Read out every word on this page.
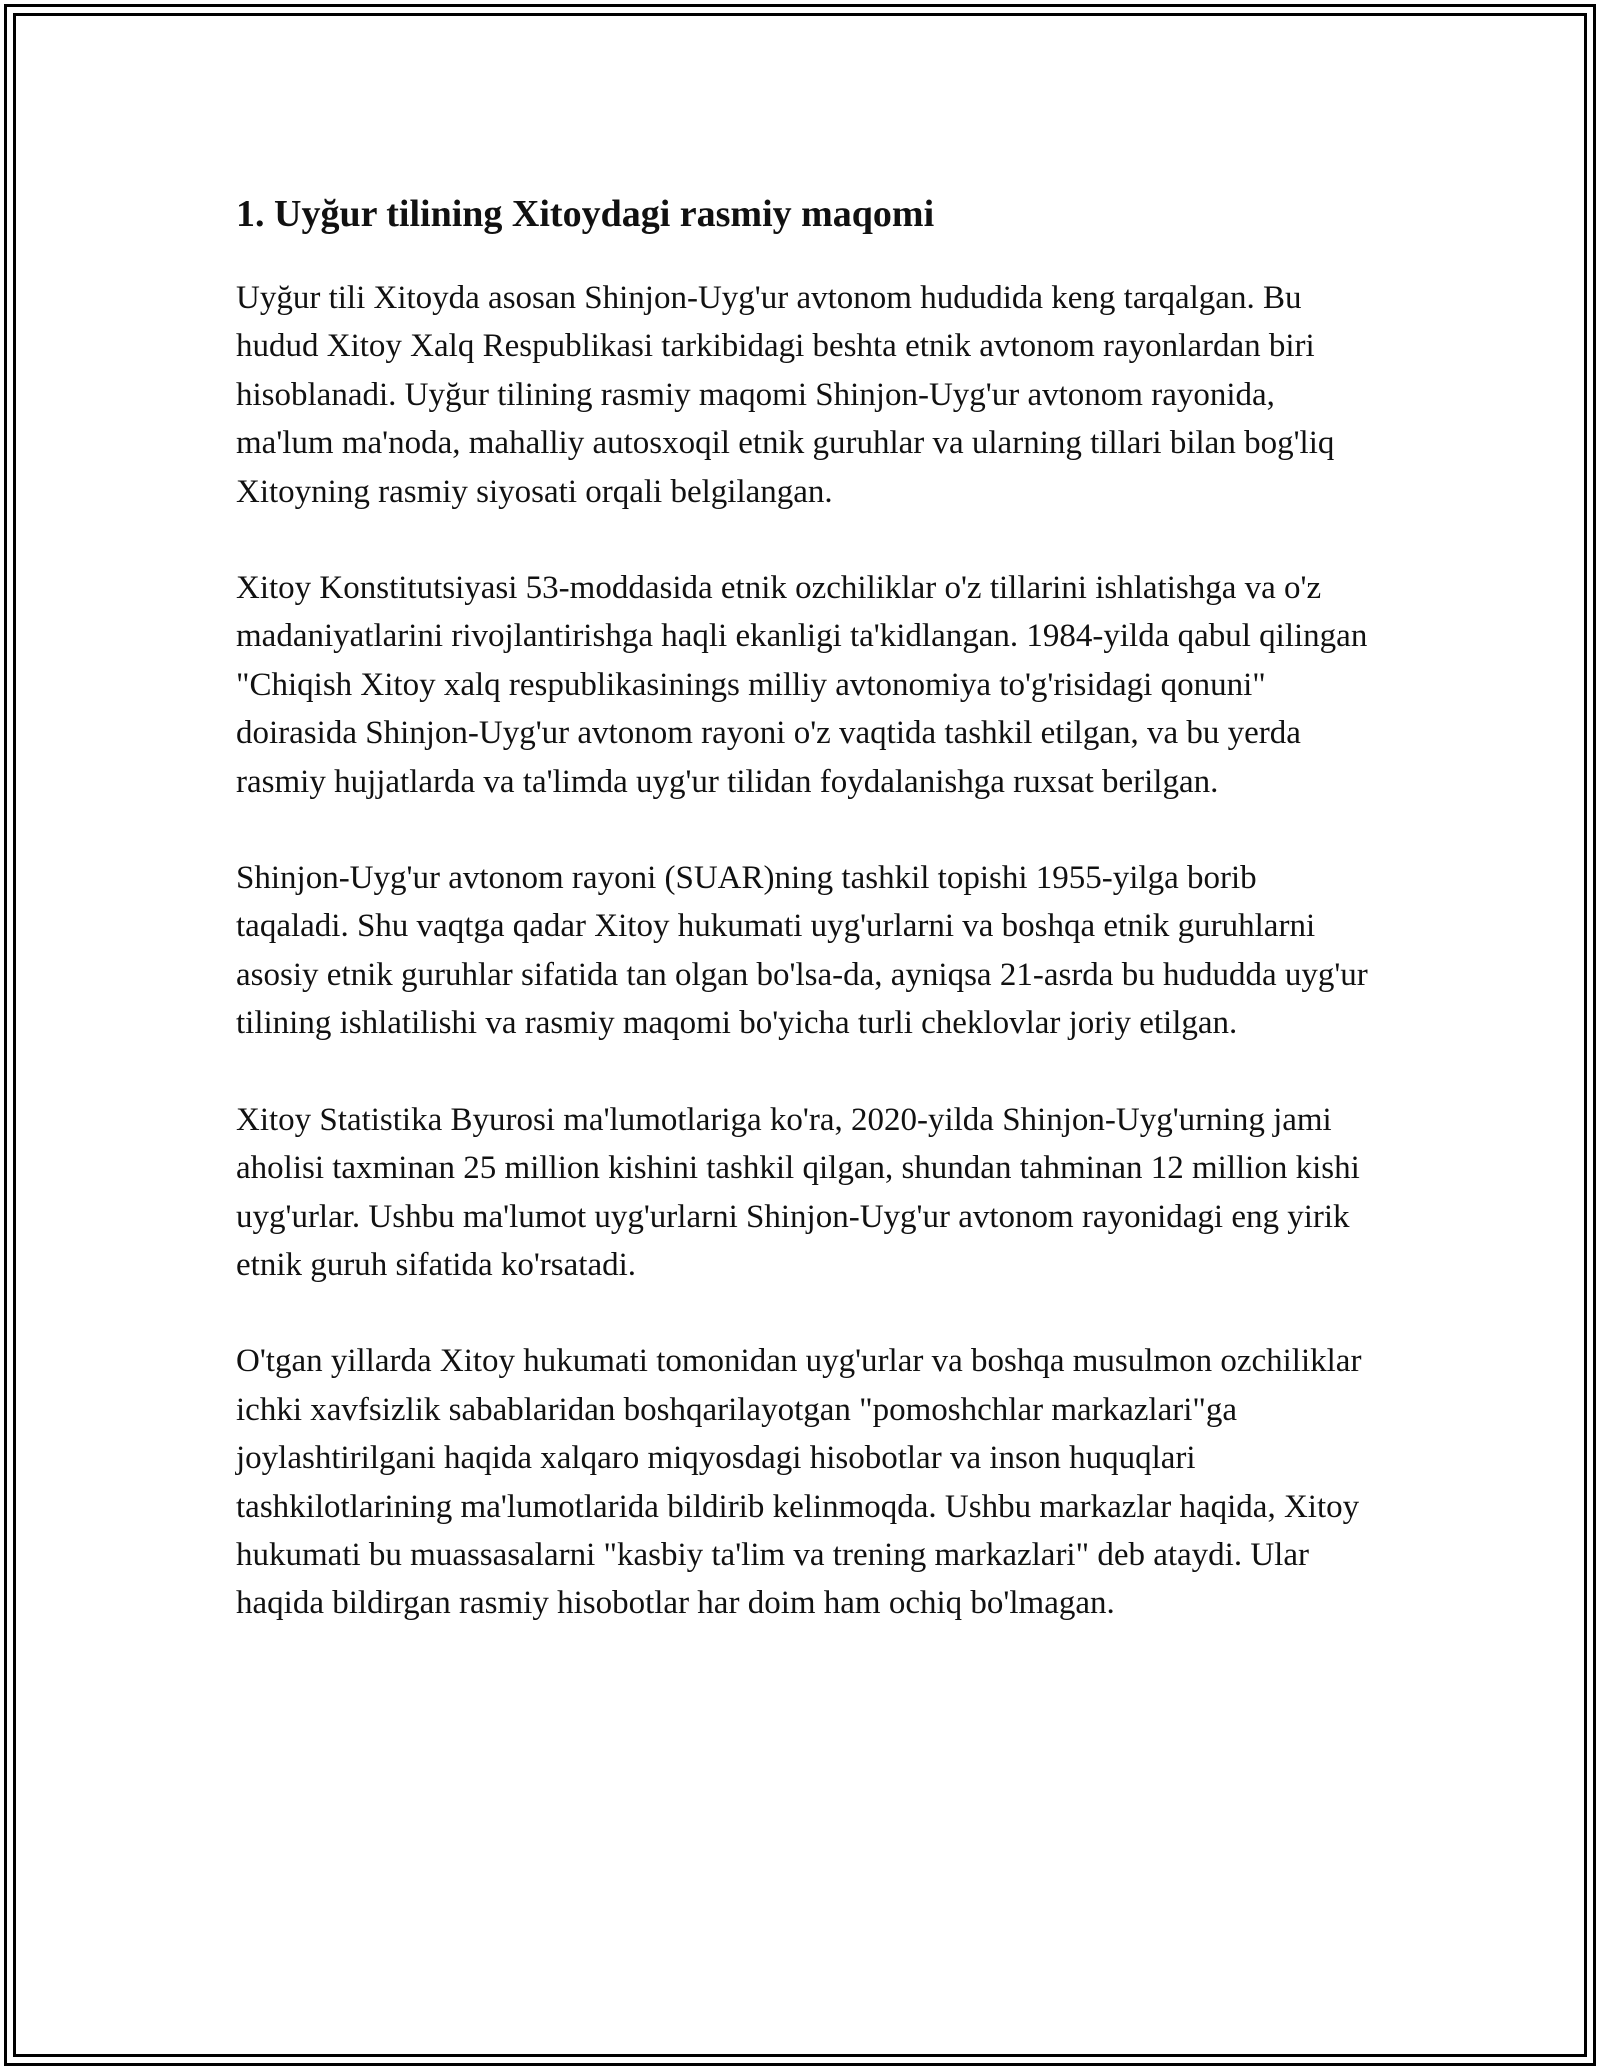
1. Uyğur tilining Xitoydagi rasmiy maqomi

Uyğur tili Xitoyda asosan Shinjon-Uyg'ur avtonom hududida keng tarqalgan. Bu hudud Xitoy Xalq Respublikasi tarkibidagi beshta etnik avtonom rayonlardan biri hisoblanadi. Uyğur tilining rasmiy maqomi Shinjon-Uyg'ur avtonom rayonida, ma'lum ma'noda, mahalliy autosxoqil etnik guruhlar va ularning tillari bilan bog'liq Xitoyning rasmiy siyosati orqali belgilangan.

Xitoy Konstitutsiyasi 53-moddasida etnik ozchiliklar o'z tillarini ishlatishga va o'z madaniyatlarini rivojlantirishga haqli ekanligi ta'kidlangan. 1984-yilda qabul qilingan "Chiqish Xitoy xalq respublikasinings milliy avtonomiya to'g'risidagi qonuni" doirasida Shinjon-Uyg'ur avtonom rayoni o'z vaqtida tashkil etilgan, va bu yerda rasmiy hujjatlarda va ta'limda uyg'ur tilidan foydalanishga ruxsat berilgan.

Shinjon-Uyg'ur avtonom rayoni (SUAR)ning tashkil topishi 1955-yilga borib taqaladi. Shu vaqtga qadar Xitoy hukumati uyg'urlarni va boshqa etnik guruhlarni asosiy etnik guruhlar sifatida tan olgan bo'lsa-da, ayniqsa 21-asrda bu hududda uyg'ur tilining ishlatilishi va rasmiy maqomi bo'yicha turli cheklovlar joriy etilgan.

Xitoy Statistika Byurosi ma'lumotlariga ko'ra, 2020-yilda Shinjon-Uyg'urning jami aholisi taxminan 25 million kishini tashkil qilgan, shundan tahminan 12 million kishi uyg'urlar. Ushbu ma'lumot uyg'urlarni Shinjon-Uyg'ur avtonom rayonidagi eng yirik etnik guruh sifatida ko'rsatadi.

O'tgan yillarda Xitoy hukumati tomonidan uyg'urlar va boshqa musulmon ozchiliklar ichki xavfsizlik sabablaridan boshqarilayotgan "pomoshchlar markazlari"ga joylashtirilgani haqida xalqaro miqyosdagi hisobotlar va inson huquqlari tashkilotlarining ma'lumotlarida bildirib kelinmoqda. Ushbu markazlar haqida, Xitoy hukumati bu muassasalarni "kasbiy ta'lim va trening markazlari" deb ataydi. Ular haqida bildirgan rasmiy hisobotlar har doim ham ochiq bo'lmagan.
